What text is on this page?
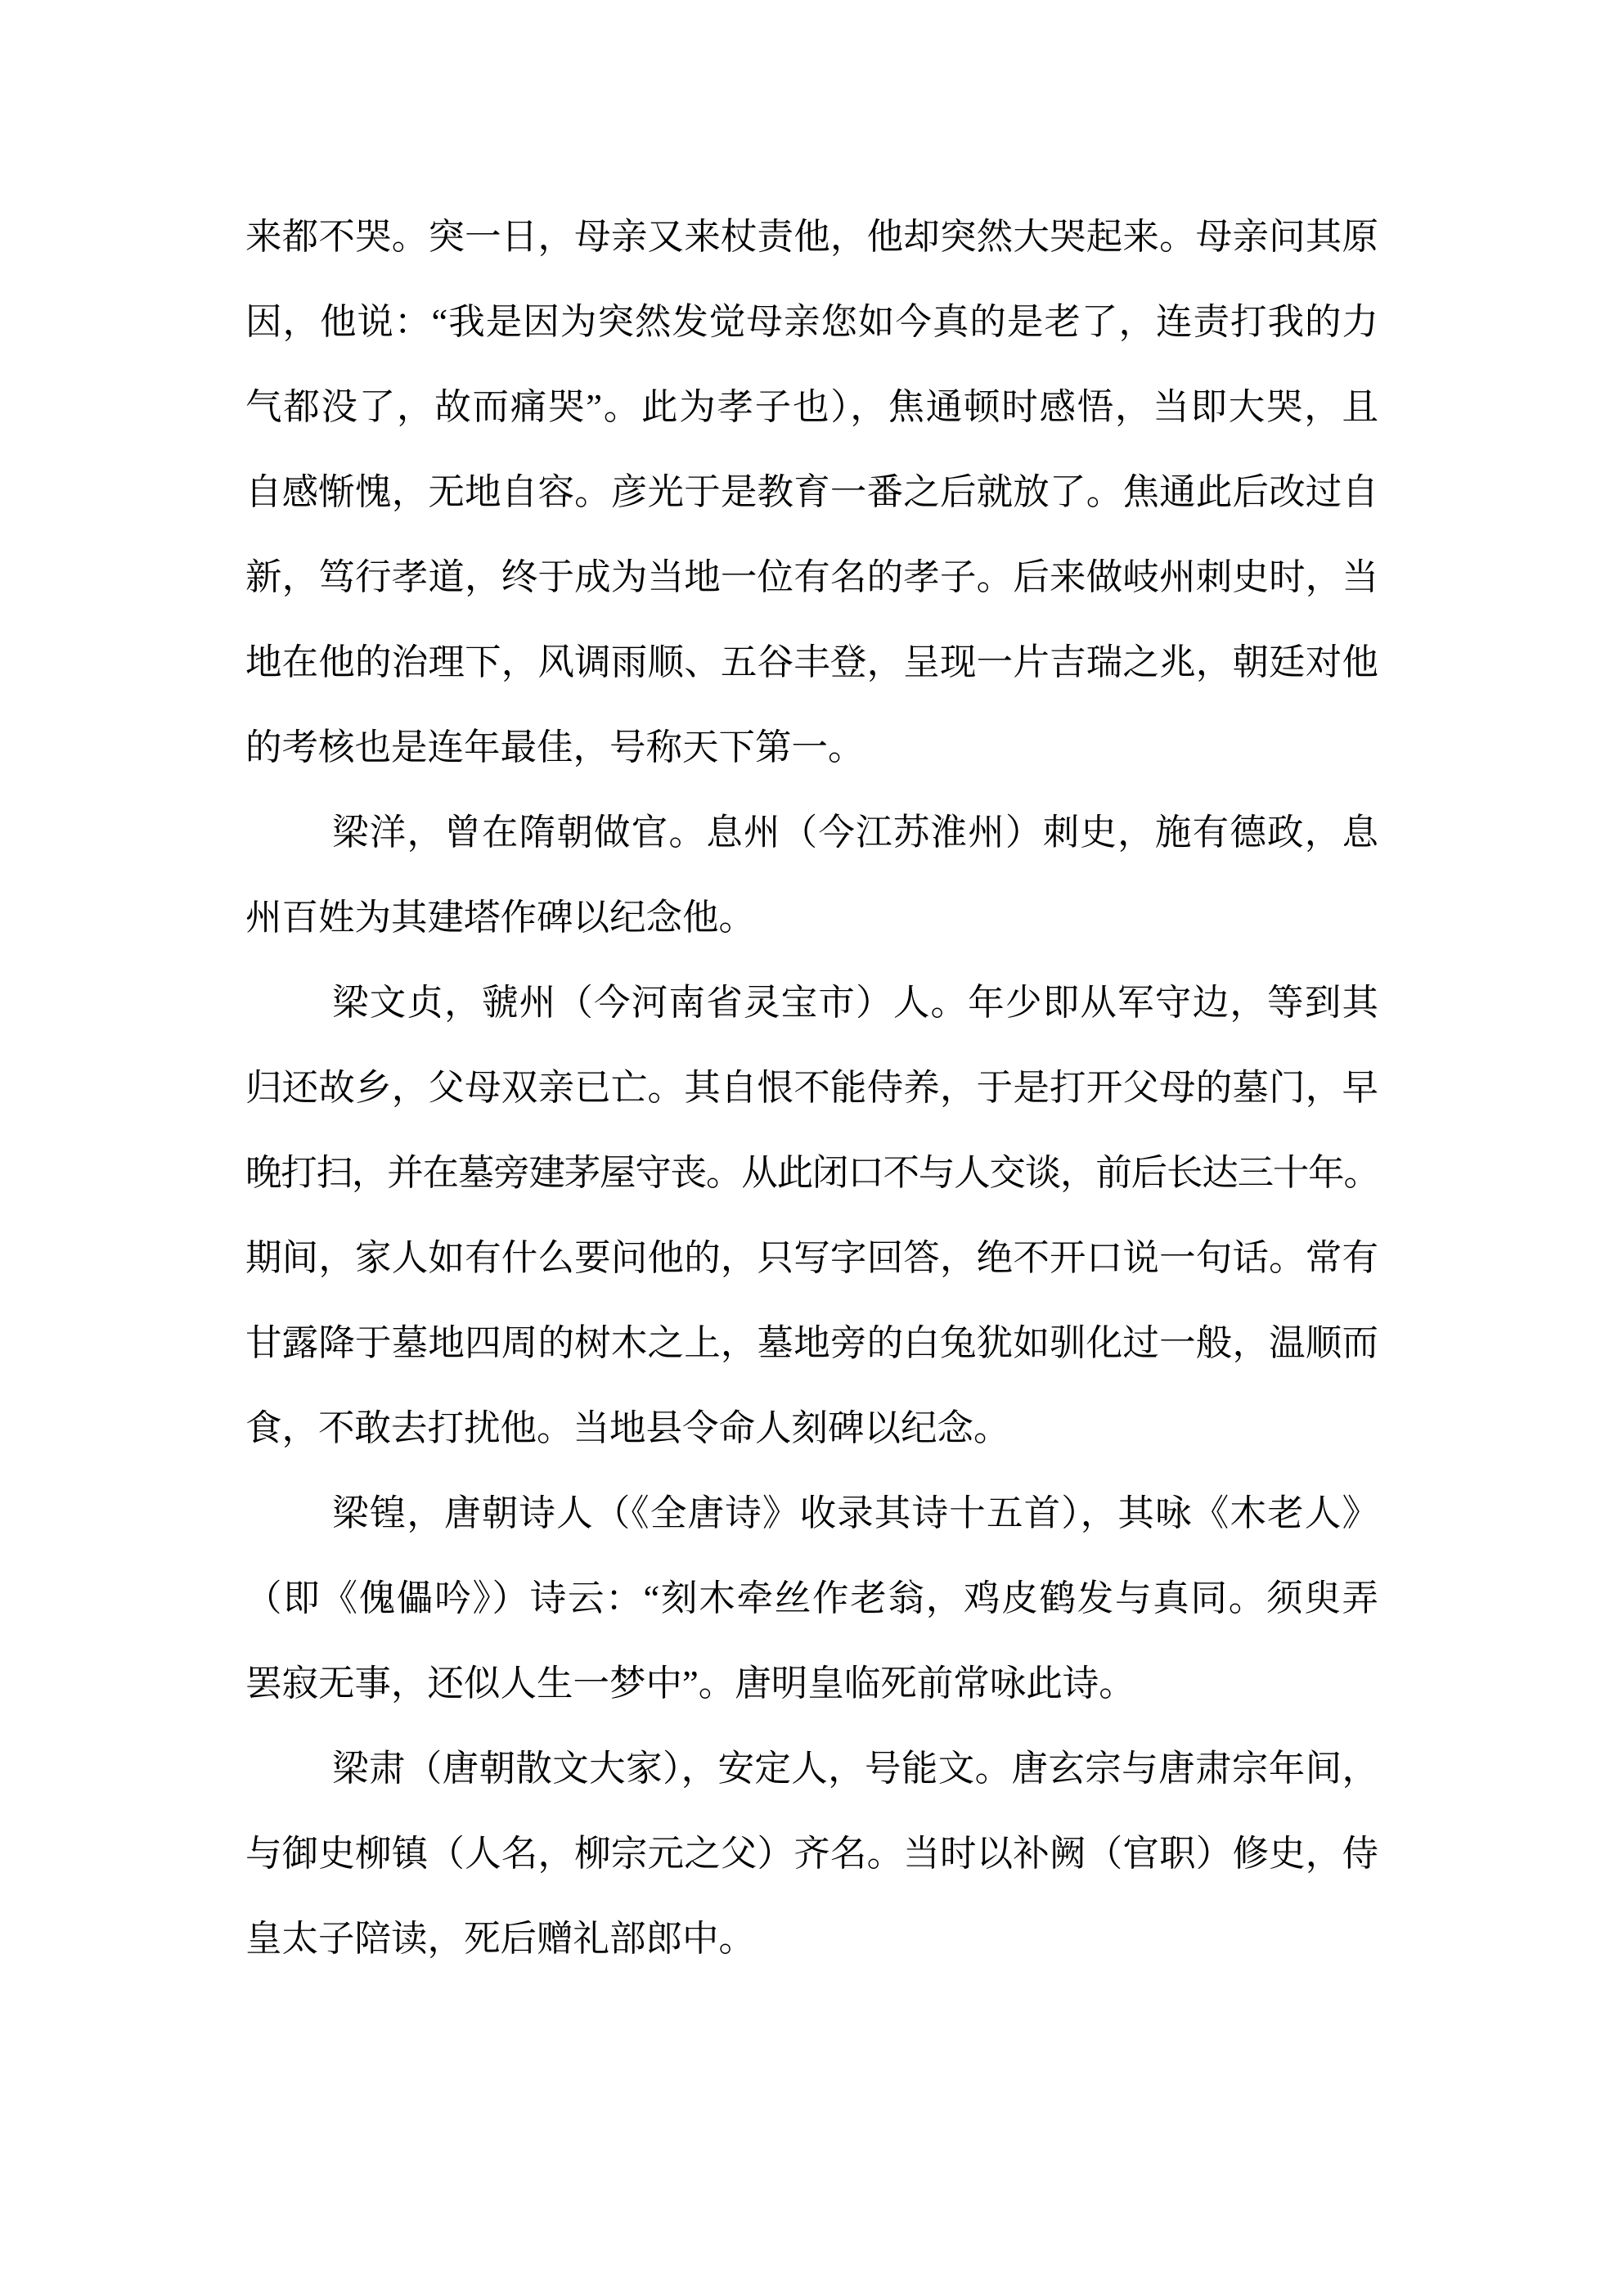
来都不哭。突一日，母亲又来杖责他，他却突然大哭起来。母亲问其原
因，他说：“我是因为突然发觉母亲您如今真的是老了，连责打我的力
气都没了，故而痛哭”。此为孝子也），焦通顿时感悟，当即大哭，且
自感惭愧，无地自容。彦光于是教育一番之后就放了。焦通此后改过自
新，笃行孝道，终于成为当地一位有名的孝子。后来做岐州刺史时，当
地在他的治理下，风调雨顺、五谷丰登，呈现一片吉瑞之兆，朝廷对他
的考核也是连年最佳，号称天下第一。
梁洋，曾在隋朝做官。息州（今江苏淮州）刺史，施有德政，息
州百姓为其建塔作碑以纪念他。
梁文贞，虢州（今河南省灵宝市）人。年少即从军守边，等到其
归还故乡，父母双亲已亡。其自恨不能侍养，于是打开父母的墓门，早
晚打扫，并在墓旁建茅屋守丧。从此闭口不与人交谈，前后长达三十年。
期间，家人如有什么要问他的，只写字回答，绝不开口说一句话。常有
甘露降于墓地四周的树木之上，墓地旁的白兔犹如驯化过一般，温顺而
食，不敢去打扰他。当地县令命人刻碑以纪念。
梁锽，唐朝诗人（《全唐诗》收录其诗十五首），其咏《木老人》
（即《傀儡吟》）诗云：“刻木牵丝作老翁，鸡皮鹤发与真同。须臾弄
罢寂无事，还似人生一梦中”。唐明皇临死前常咏此诗。
梁肃（唐朝散文大家），安定人，号能文。唐玄宗与唐肃宗年间，
与御史柳镇（人名，柳宗元之父）齐名。当时以补阙（官职）修史，侍
皇太子陪读，死后赠礼部郎中。
